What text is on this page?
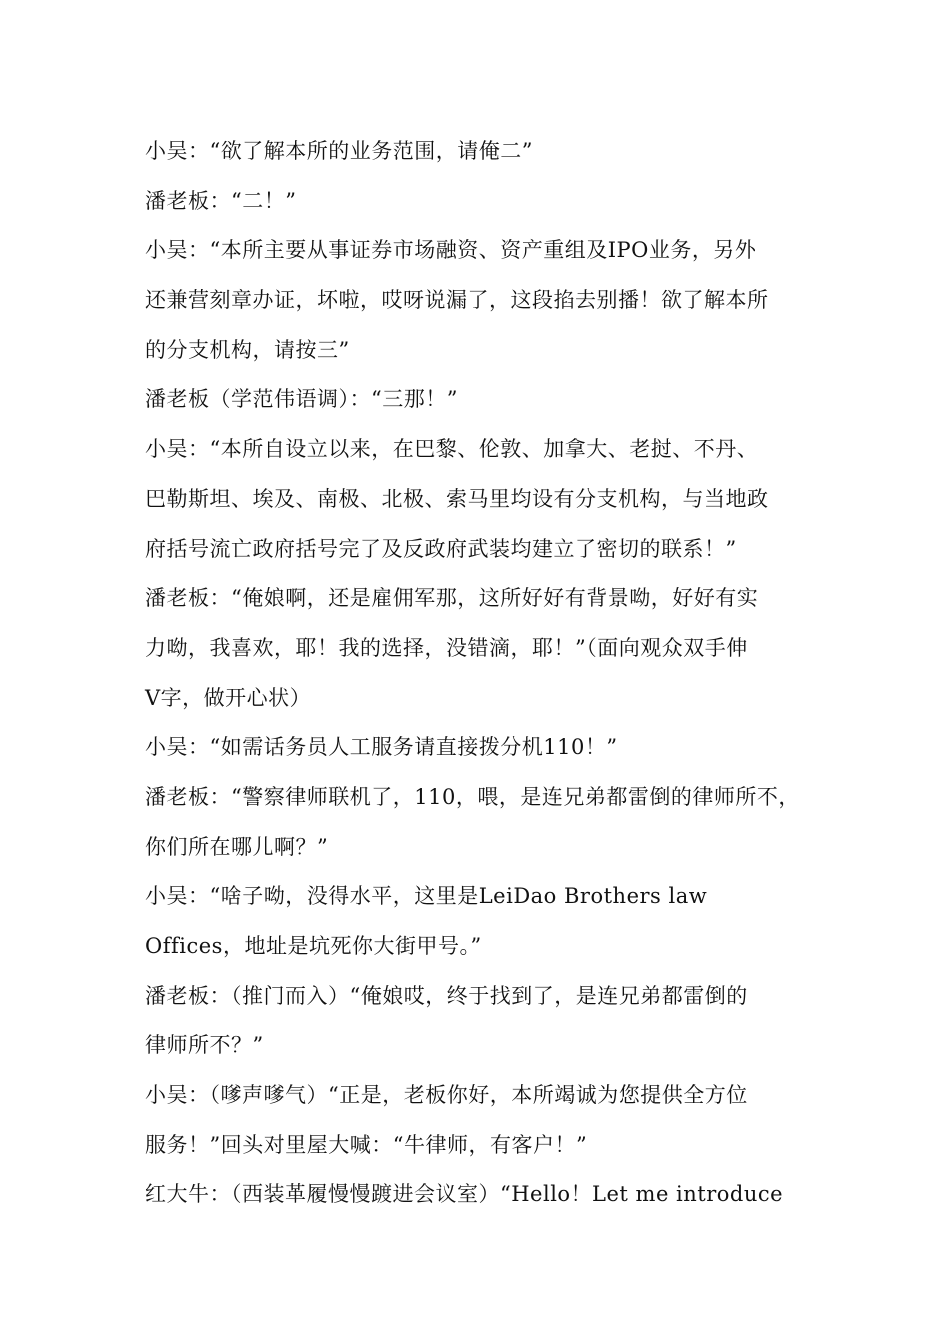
小吴：“欲了解本所的业务范围，请俺二”
潘老板：“二！”
小吴：“本所主要从事证券市场融资、资产重组及IPO业务，另外
还兼营刻章办证，坏啦，哎呀说漏了，这段掐去别播！欲了解本所
的分支机构，请按三”
潘老板（学范伟语调）：“三那！”
小吴：“本所自设立以来，在巴黎、伦敦、加拿大、老挝、不丹、
巴勒斯坦、埃及、南极、北极、索马里均设有分支机构，与当地政
府括号流亡政府括号完了及反政府武装均建立了密切的联系！”
潘老板：“俺娘啊，还是雇佣军那，这所好好有背景呦，好好有实
力呦，我喜欢，耶！我的选择，没错滴，耶！”（面向观众双手伸
V字，做开心状）
小吴：“如需话务员人工服务请直接拨分机110！”
潘老板：“警察律师联机了，110，喂，是连兄弟都雷倒的律师所不，
你们所在哪儿啊？”
小吴：“啥子呦，没得水平，这里是LeiDao Brothers law
Offices，地址是坑死你大街甲号。”
潘老板：（推门而入）“俺娘哎，终于找到了，是连兄弟都雷倒的
律师所不？”
小吴：（嗲声嗲气）“正是，老板你好，本所竭诚为您提供全方位
服务！”回头对里屋大喊：“牛律师，有客户！”
红大牛：（西装革履慢慢踱进会议室）“Hello！Let me introduce
